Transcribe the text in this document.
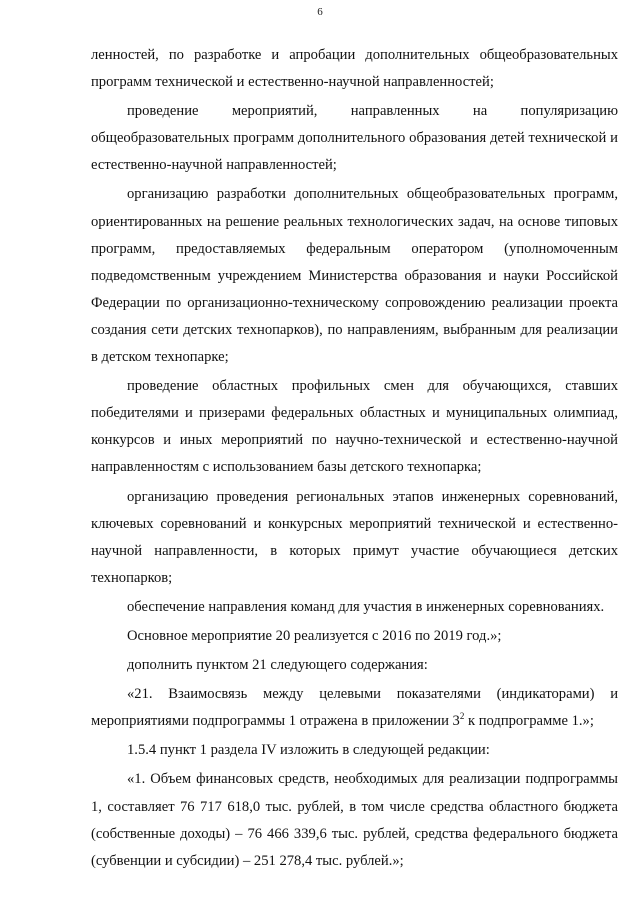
6

ленностей, по разработке и апробации дополнительных общеобразовательных программ технической и естественно-научной направленностей;

проведение мероприятий, направленных на популяризацию общеобразовательных программ дополнительного образования детей технической и естественно-научной направленностей;

организацию разработки дополнительных общеобразовательных программ, ориентированных на решение реальных технологических задач, на основе типовых программ, предоставляемых федеральным оператором (уполномоченным подведомственным учреждением Министерства образования и науки Российской Федерации по организационно-техническому сопровождению реализации проекта создания сети детских технопарков), по направлениям, выбранным для реализации в детском технопарке;

проведение областных профильных смен для обучающихся, ставших победителями и призерами федеральных областных и муниципальных олимпиад, конкурсов и иных мероприятий по научно-технической и естественно-научной направленностям с использованием базы детского технопарка;

организацию проведения региональных этапов инженерных соревнований, ключевых соревнований и конкурсных мероприятий технической и естественно-научной направленности, в которых примут участие обучающиеся детских технопарков;

обеспечение направления команд для участия в инженерных соревнованиях.

Основное мероприятие 20 реализуется с 2016 по 2019 год.»;

дополнить пунктом 21 следующего содержания:

«21. Взаимосвязь между целевыми показателями (индикаторами) и мероприятиями подпрограммы 1 отражена в приложении $3^2$ к подпрограмме 1.»;

1.5.4 пункт 1 раздела IV изложить в следующей редакции:

«1. Объем финансовых средств, необходимых для реализации подпрограммы 1, составляет 76 717 618,0 тыс. рублей, в том числе средства областного бюджета (собственные доходы) – 76 466 339,6 тыс. рублей, средства федерального бюджета (субвенции и субсидии) – 251 278,4 тыс. рублей.»;
